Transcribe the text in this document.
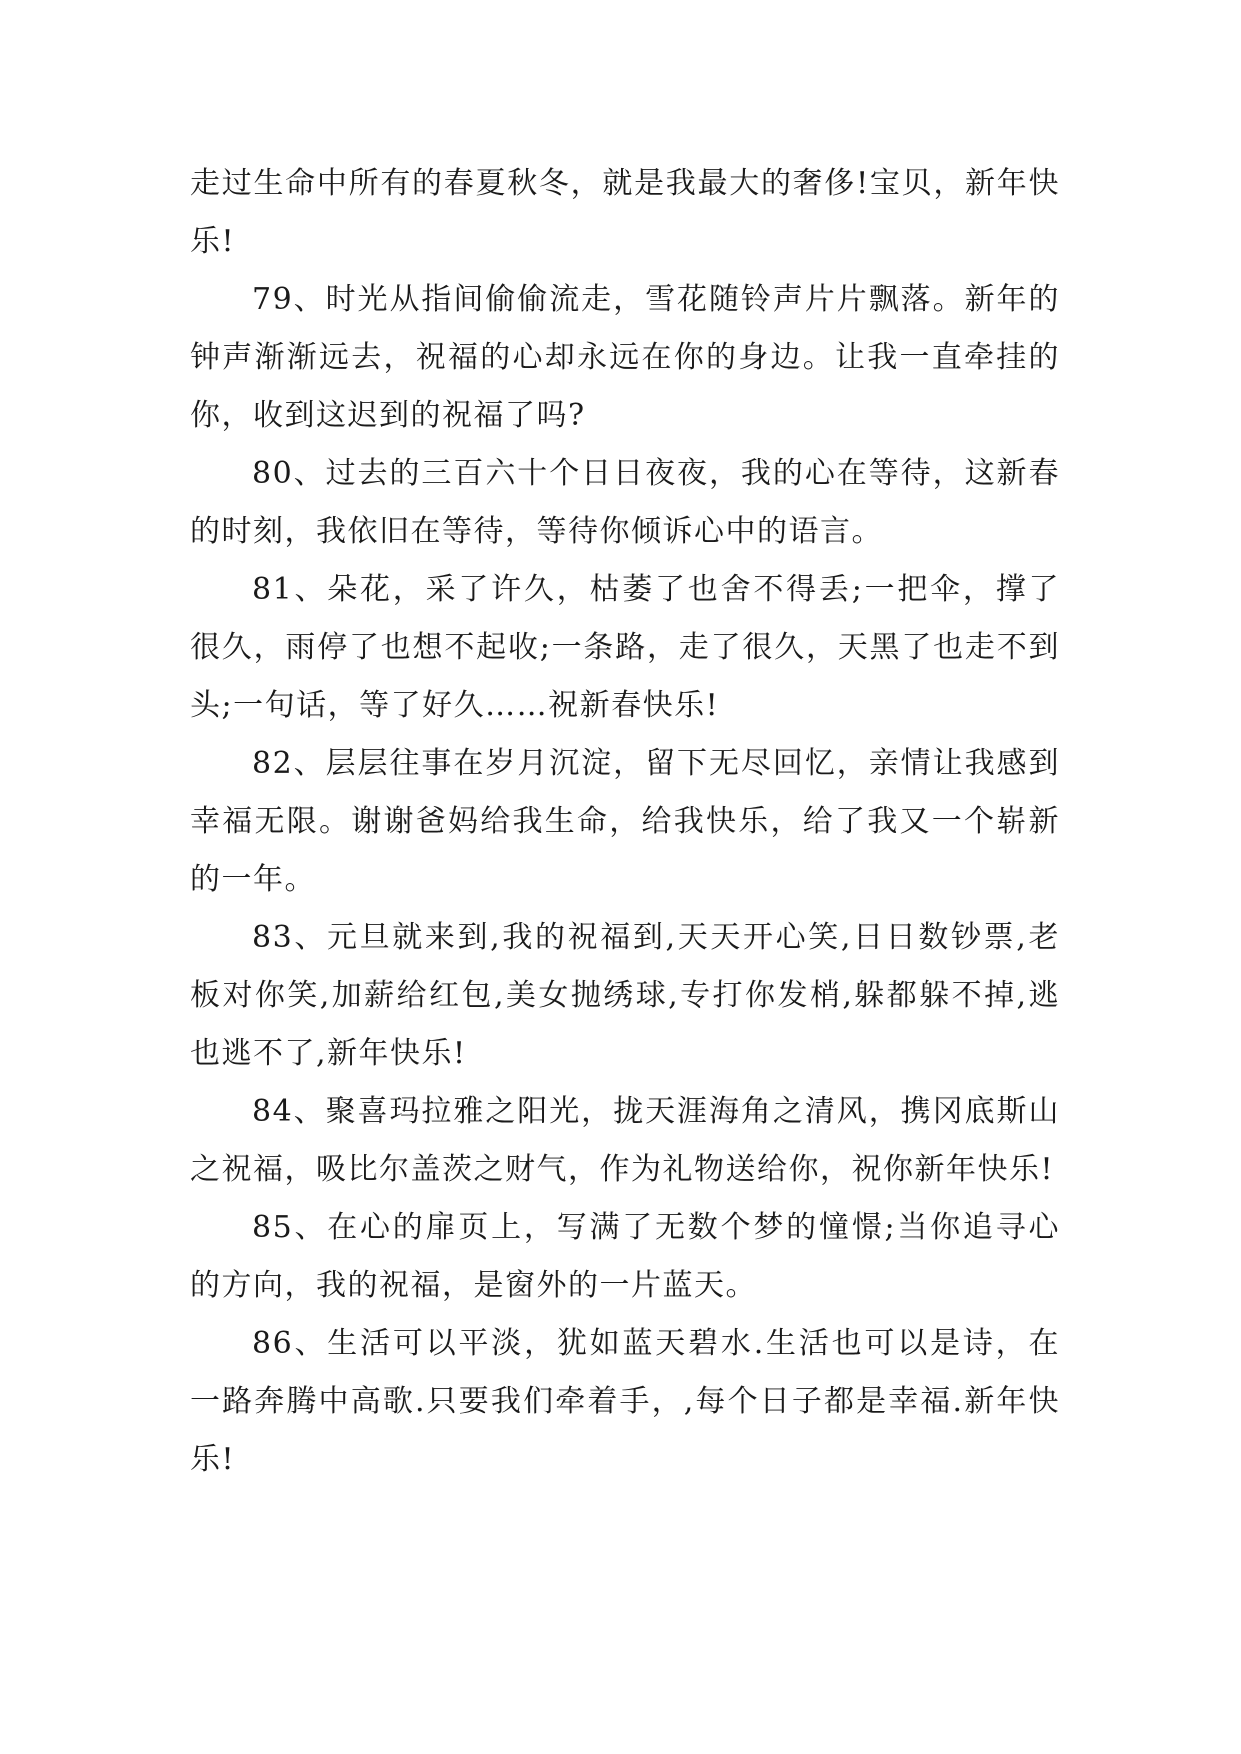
走过生命中所有的春夏秋冬，就是我最大的奢侈!宝贝，新年快乐!

79、时光从指间偷偷流走，雪花随铃声片片飘落。新年的钟声渐渐远去，祝福的心却永远在你的身边。让我一直牵挂的你，收到这迟到的祝福了吗?

80、过去的三百六十个日日夜夜，我的心在等待，这新春的时刻，我依旧在等待，等待你倾诉心中的语言。

81、朵花，采了许久，枯萎了也舍不得丢;一把伞，撑了很久，雨停了也想不起收;一条路，走了很久，天黑了也走不到头;一句话，等了好久……祝新春快乐!

82、层层往事在岁月沉淀，留下无尽回忆，亲情让我感到幸福无限。谢谢爸妈给我生命，给我快乐，给了我又一个崭新的一年。

83、元旦就来到,我的祝福到,天天开心笑,日日数钞票,老板对你笑,加薪给红包,美女抛绣球,专打你发梢,躲都躲不掉,逃也逃不了,新年快乐!

84、聚喜玛拉雅之阳光，拢天涯海角之清风，携冈底斯山之祝福，吸比尔盖茨之财气，作为礼物送给你，祝你新年快乐!

85、在心的扉页上，写满了无数个梦的憧憬;当你追寻心的方向，我的祝福，是窗外的一片蓝天。

86、生活可以平淡，犹如蓝天碧水.生活也可以是诗，在一路奔腾中高歌.只要我们牵着手，,每个日子都是幸福.新年快乐!
